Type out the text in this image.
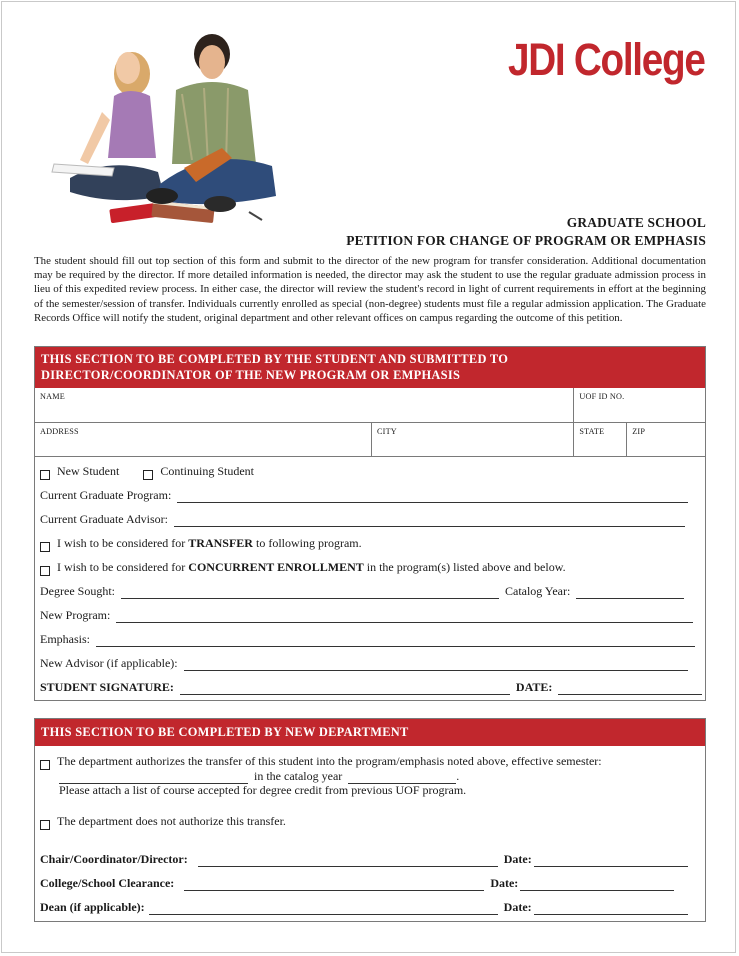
JDI College
GRADUATE SCHOOL
PETITION FOR CHANGE OF PROGRAM OR EMPHASIS
The student should fill out top section of this form and submit to the director of the new program for transfer consideration. Additional documentation may be required by the director. If more detailed information is needed, the director may ask the student to use the regular graduate admission process in lieu of this expedited review process. In either case, the director will review the student's record in light of current requirements in effort at the beginning of the semester/session of transfer. Individuals currently enrolled as special (non-degree) students must file a regular admission application. The Graduate Records Office will notify the student, original department and other relevant offices on campus regarding the outcome of this petition.
THIS SECTION TO BE COMPLETED BY THE STUDENT AND SUBMITTED TO
DIRECTOR/COORDINATOR OF THE NEW PROGRAM OR EMPHASIS
NAME	UOF ID NO.
ADDRESS	CITY	STATE	ZIP
New Student	Continuing Student
Current Graduate Program:
Current Graduate Advisor:
I wish to be considered for TRANSFER to following program.
I wish to be considered for CONCURRENT ENROLLMENT in the program(s) listed above and below.
Degree Sought:	Catalog Year:
New Program:
Emphasis:
New Advisor (if applicable):
STUDENT SIGNATURE:	DATE:
THIS SECTION TO BE COMPLETED BY NEW DEPARTMENT
The department authorizes the transfer of this student into the program/emphasis noted above, effective semester:
in the catalog year	.
Please attach a list of course accepted for degree credit from previous UOF program.
The department does not authorize this transfer.
Chair/Coordinator/Director:	Date:
College/School Clearance:	Date:
Dean (if applicable):	Date:
